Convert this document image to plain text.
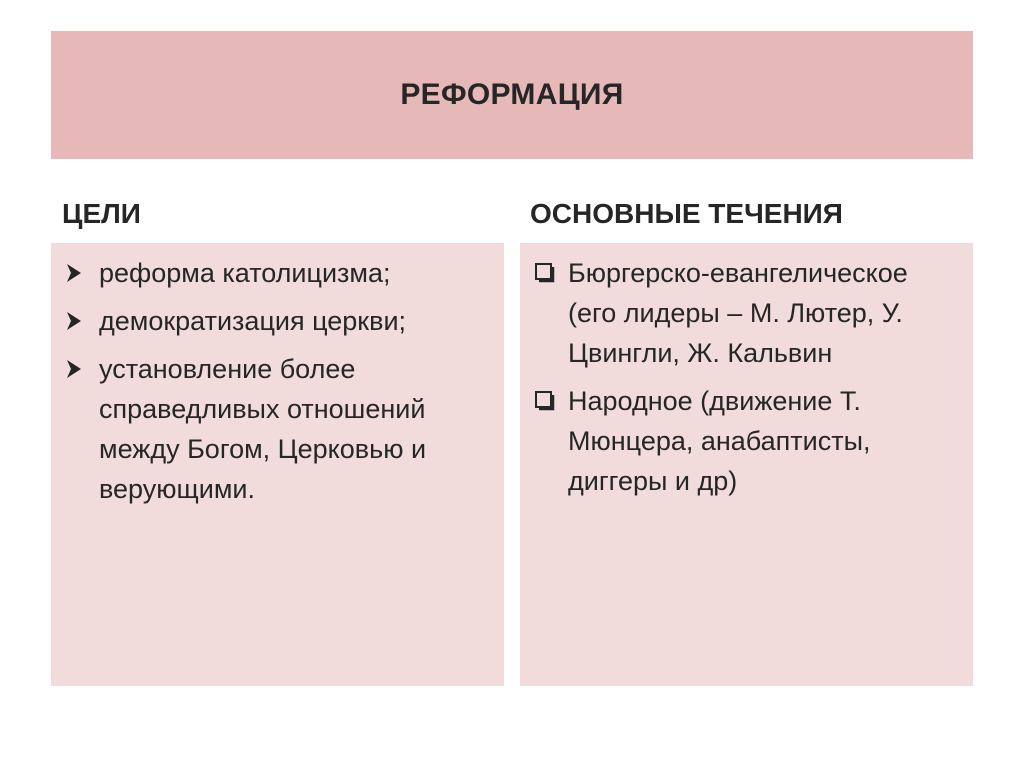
РЕФОРМАЦИЯ
ЦЕЛИ	ОСНОВНЫЕ ТЕЧЕНИЯ
реформа католицизма;
демократизация церкви;
установление более справедливых отношений между Богом, Церковью и верующими.
Бюргерско-евангелическое (его лидеры – М. Лютер, У. Цвингли, Ж. Кальвин
Народное (движение Т. Мюнцера, анабаптисты, диггеры и др)
